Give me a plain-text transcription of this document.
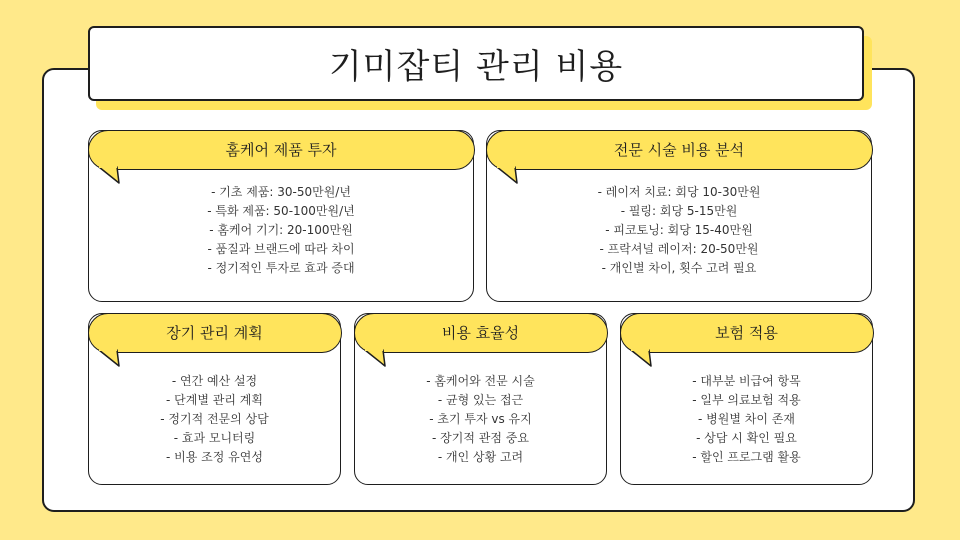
기미잡티 관리 비용
홈케어 제품 투자
- 기초 제품: 30-50만원/년
- 특화 제품: 50-100만원/년
- 홈케어 기기: 20-100만원
- 품질과 브랜드에 따라 차이
- 정기적인 투자로 효과 증대
전문 시술 비용 분석
- 레이저 치료: 회당 10-30만원
- 필링: 회당 5-15만원
- 피코토닝: 회당 15-40만원
- 프락셔널 레이저: 20-50만원
- 개인별 차이, 횟수 고려 필요
장기 관리 계획
- 연간 예산 설정
- 단계별 관리 계획
- 정기적 전문의 상담
- 효과 모니터링
- 비용 조정 유연성
비용 효율성
- 홈케어와 전문 시술
- 균형 있는 접근
- 초기 투자 vs 유지
- 장기적 관점 중요
- 개인 상황 고려
보험 적용
- 대부분 비급여 항목
- 일부 의료보험 적용
- 병원별 차이 존재
- 상담 시 확인 필요
- 할인 프로그램 활용
